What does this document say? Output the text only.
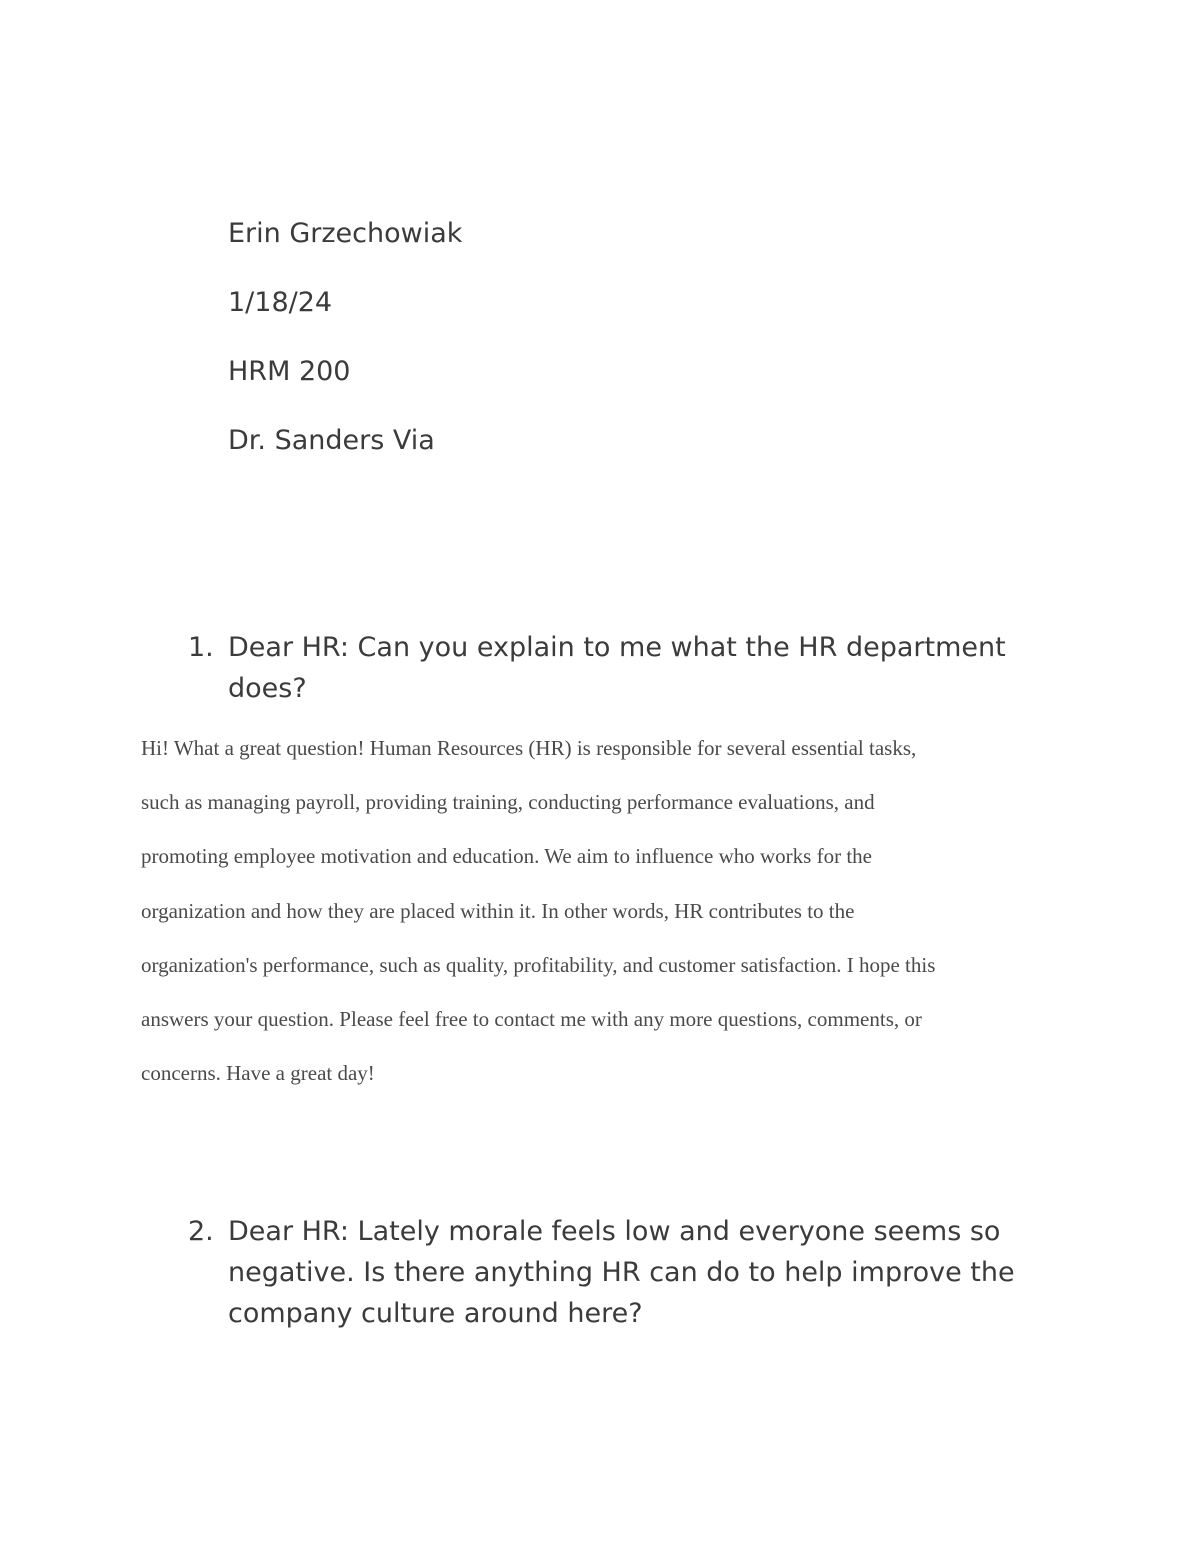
Erin Grzechowiak
1/18/24
HRM 200
Dr. Sanders Via
1. Dear HR: Can you explain to me what the HR department does?
Hi! What a great question! Human Resources (HR) is responsible for several essential tasks,
such as managing payroll, providing training, conducting performance evaluations, and
promoting employee motivation and education. We aim to influence who works for the
organization and how they are placed within it. In other words, HR contributes to the
organization's performance, such as quality, profitability, and customer satisfaction. I hope this
answers your question. Please feel free to contact me with any more questions, comments, or
concerns. Have a great day!
2. Dear HR: Lately morale feels low and everyone seems so negative. Is there anything HR can do to help improve the company culture around here?
